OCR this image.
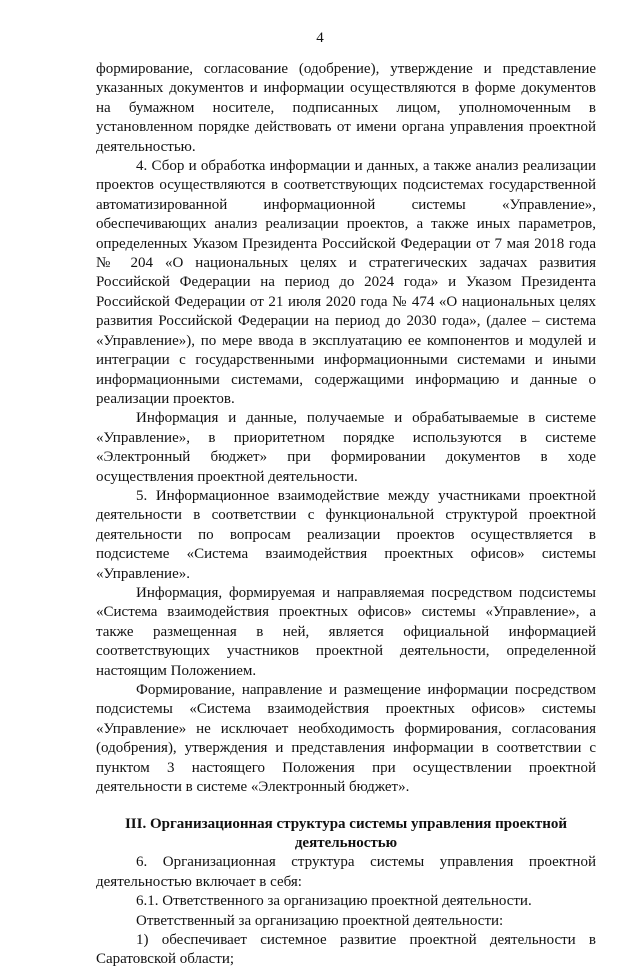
4

формирование, согласование (одобрение), утверждение и представление указанных документов и информации осуществляются в форме документов на бумажном носителе, подписанных лицом, уполномоченным в установленном порядке действовать от имени органа управления проектной деятельностью.

4. Сбор и обработка информации и данных, а также анализ реализации проектов осуществляются в соответствующих подсистемах государственной автоматизированной информационной системы «Управление», обеспечивающих анализ реализации проектов, а также иных параметров, определенных Указом Президента Российской Федерации от 7 мая 2018 года № 204 «О национальных целях и стратегических задачах развития Российской Федерации на период до 2024 года» и Указом Президента Российской Федерации от 21 июля 2020 года № 474 «О национальных целях развития Российской Федерации на период до 2030 года», (далее – система «Управление»), по мере ввода в эксплуатацию ее компонентов и модулей и интеграции с государственными информационными системами и иными информационными системами, содержащими информацию и данные о реализации проектов.

Информация и данные, получаемые и обрабатываемые в системе «Управление», в приоритетном порядке используются в системе «Электронный бюджет» при формировании документов в ходе осуществления проектной деятельности.

5. Информационное взаимодействие между участниками проектной деятельности в соответствии с функциональной структурой проектной деятельности по вопросам реализации проектов осуществляется в подсистеме «Система взаимодействия проектных офисов» системы «Управление».

Информация, формируемая и направляемая посредством подсистемы «Система взаимодействия проектных офисов» системы «Управление», а также размещенная в ней, является официальной информацией соответствующих участников проектной деятельности, определенной настоящим Положением.

Формирование, направление и размещение информации посредством подсистемы «Система взаимодействия проектных офисов» системы «Управление» не исключает необходимость формирования, согласования (одобрения), утверждения и представления информации в соответствии с пунктом 3 настоящего Положения при осуществлении проектной деятельности в системе «Электронный бюджет».

III. Организационная структура системы управления проектной деятельностью

6. Организационная структура системы управления проектной деятельностью включает в себя:

6.1. Ответственного за организацию проектной деятельности.

Ответственный за организацию проектной деятельности:

1) обеспечивает системное развитие проектной деятельности в Саратовской области;
